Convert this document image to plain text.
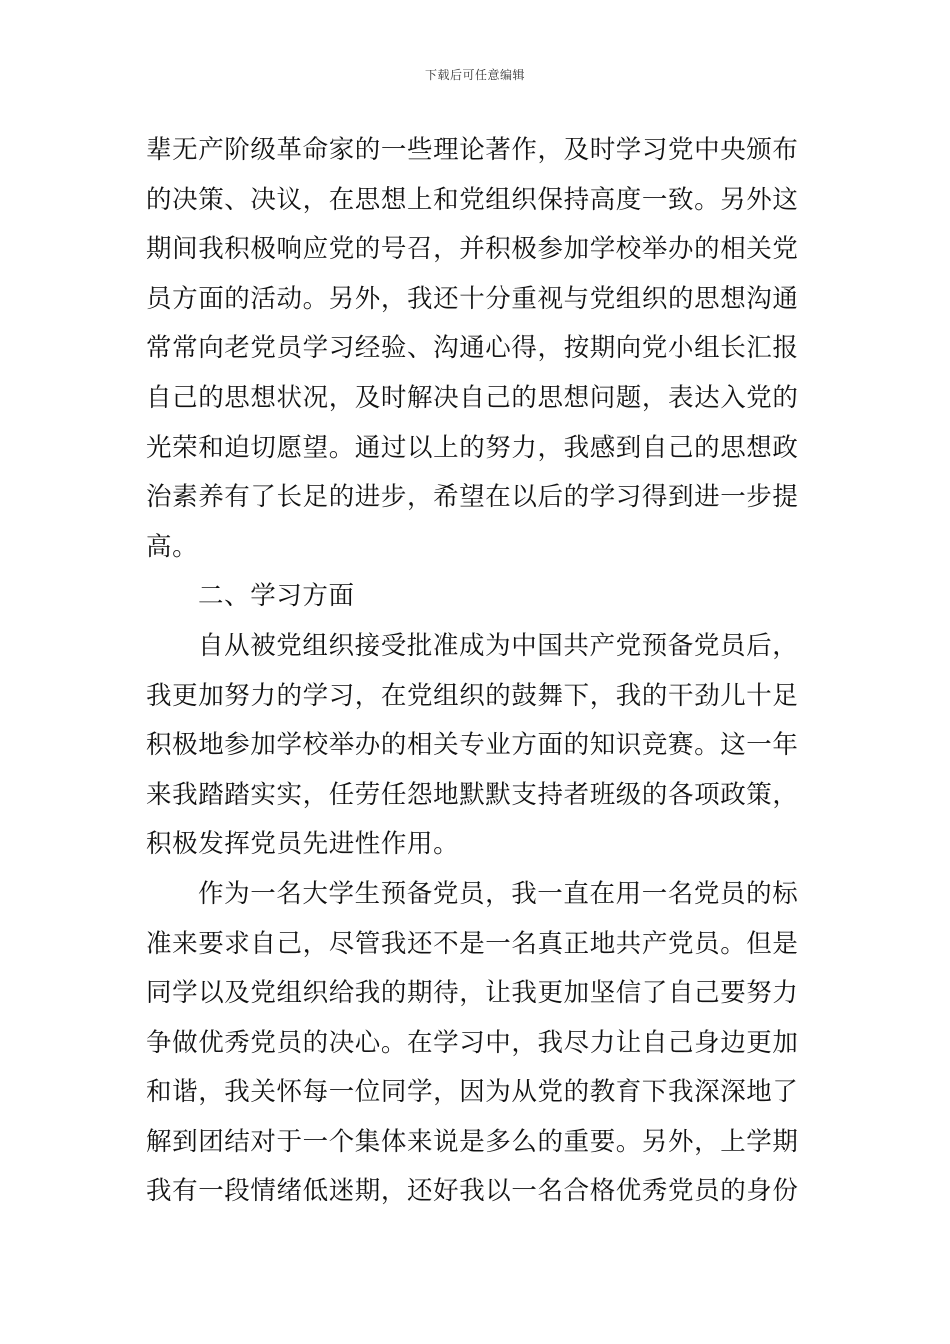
下载后可任意编辑
辈无产阶级革命家的一些理论著作，及时学习党中央颁布
的决策、决议，在思想上和党组织保持高度一致。另外这
期间我积极响应党的号召，并积极参加学校举办的相关党
员方面的活动。另外，我还十分重视与党组织的思想沟通
常常向老党员学习经验、沟通心得，按期向党小组长汇报
自己的思想状况，及时解决自己的思想问题，表达入党的
光荣和迫切愿望。通过以上的努力，我感到自己的思想政
治素养有了长足的进步，希望在以后的学习得到进一步提
高。
二、学习方面
自从被党组织接受批准成为中国共产党预备党员后，
我更加努力的学习，在党组织的鼓舞下，我的干劲儿十足
积极地参加学校举办的相关专业方面的知识竞赛。这一年
来我踏踏实实，任劳任怨地默默支持者班级的各项政策，
积极发挥党员先进性作用。
作为一名大学生预备党员，我一直在用一名党员的标
准来要求自己，尽管我还不是一名真正地共产党员。但是
同学以及党组织给我的期待，让我更加坚信了自己要努力
争做优秀党员的决心。在学习中，我尽力让自己身边更加
和谐，我关怀每一位同学，因为从党的教育下我深深地了
解到团结对于一个集体来说是多么的重要。另外，上学期
我有一段情绪低迷期，还好我以一名合格优秀党员的身份
